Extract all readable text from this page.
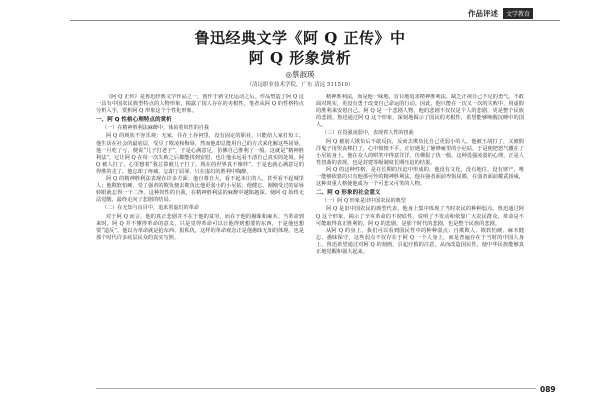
作品评述	文学教育
鲁迅经典文学《阿 Q 正传》中
阿 Q 形象赏析
◎蔡淑瑛
（清远职业技术学院，广东 清远 511510）

《阿 Q 正传》是鲁迅经典文学作品之一，创作于新文化运动之后。作品塑造了阿 Q 这一具有中国农民典型特点的人物形象，揭露了国人存在的劣根性。笔者从阿 Q 的性格特点分析入手，赏析阿 Q 形象这个个性化形象。

一、阿 Q 性格心理特点的赏析

（一）在精神胜利法麻醉中，体验着奴性的自我

阿 Q 的现状不容乐观：无家，住在土谷祠里，没有固定的职业，只能给人家打短工。他生活在社会的最底层，受尽了欺凌和侮辱，然而他却总能用自己的方式来化解这些屈辱。他一旦吃了亏，便说“儿子打老子”，于是心满意足，仿佛自己胜利了一般。这就是“精神胜利法”，它让阿 Q 在每一次失败之后都能找到安慰，也让他永远看不清自己真实的处境。阿 Q 被人打了，心里想着“我总算被儿子打了，现在的世界真不像样”，于是也就心满意足的得胜的走了。他忘却了疼痛，忘却了屈辱，只在虚幻的胜利中陶醉。

阿 Q 的精神胜利法表现在许多方面：他自尊自大，看不起未庄的人，甚至看不起城里人；他欺软怕硬，受了强者的欺负便去欺负比他更弱小的小尼姑；他健忘，刚刚受过的屈辱转眼就忘得一干二净。这种奴性的自我，在精神胜利法的麻醉中越陷越深，使阿 Q 始终无法觉醒，最终走向了悲剧的结局。

（二）在无知与盲目中，追求着虚幻的革命

对于阿 Q 而言，他的真正悲剧并不在于他的贫穷，而在于他的愚昧和麻木。当革命到来时，阿 Q 并不懂得革命的意义，只是觉得革命可以让他得到想要的东西，于是他也想要“造反”。他以为革命就是抢东西、报私仇，这样的革命观念正是他愚昧无知的体现，也是那个时代许多底层民众的真实写照。

精神胜利法，而是他一味地、盲目地追求精神胜利法，缺乏正视自己不足的勇气。不敢面对现实，更没有勇于改变自己命运的行动。因此，他只能在一次又一次的失败中，用虚假的胜利来安慰自己。阿 Q 是一个悲剧人物，他的悲剧不仅仅是个人的悲剧，更是整个民族的悲剧。鲁迅通过阿 Q 这个形象，深刻地揭示了国民的劣根性，希望能够唤醒沉睡中的国人。

（三）在畏强凌弱中，表现着人性的扭曲

阿 Q 被别人欺负后不敢反抗，反而去欺负比自己更弱小的人。他被王胡打了，又被假洋鬼子用哭丧棒打了，心中愤愤不平，正好遇见了静修庵里的小尼姑，于是便把怒气撒在了小尼姑身上。他在众人的哄笑中得意洋洋，仿佛报了仇一般。这种畏强凌弱的心理，正是人性扭曲的表现，也是封建等级制度长期压迫的结果。

阿 Q 的这种性格，是在长期的压迫中形成的。他没有文化，没有地位，没有财产，唯一能够依靠的只有他那可怜的精神胜利法。他在强者面前卑躬屈膝，在弱者面前耀武扬威，这种双重人格使他成为一个可悲又可笑的人物。

二、阿 Q 形象的社会意义

（一）阿 Q 形象是旧中国农民的典型

阿 Q 是旧中国农民的典型代表，他身上集中体现了当时农民的种种弱点。鲁迅通过阿 Q 这个形象，揭示了辛亥革命的不彻底性，说明了不发动和依靠广大农民群众，革命是不可能取得真正胜利的。阿 Q 的悲剧，是那个时代的悲剧，也是整个民族的悲剧。

从阿 Q 的身上，我们可以看到国民性中的种种弱点：自欺欺人、欺软怕硬、麻木健忘、愚昧保守。这些弱点不仅存在于阿 Q 一个人身上，而是普遍存在于当时的中国人身上。鲁迅希望通过对阿 Q 的刻画，引起疗救的注意，从而改造国民性，使中华民族能够真正地觉醒和强大起来。

089
